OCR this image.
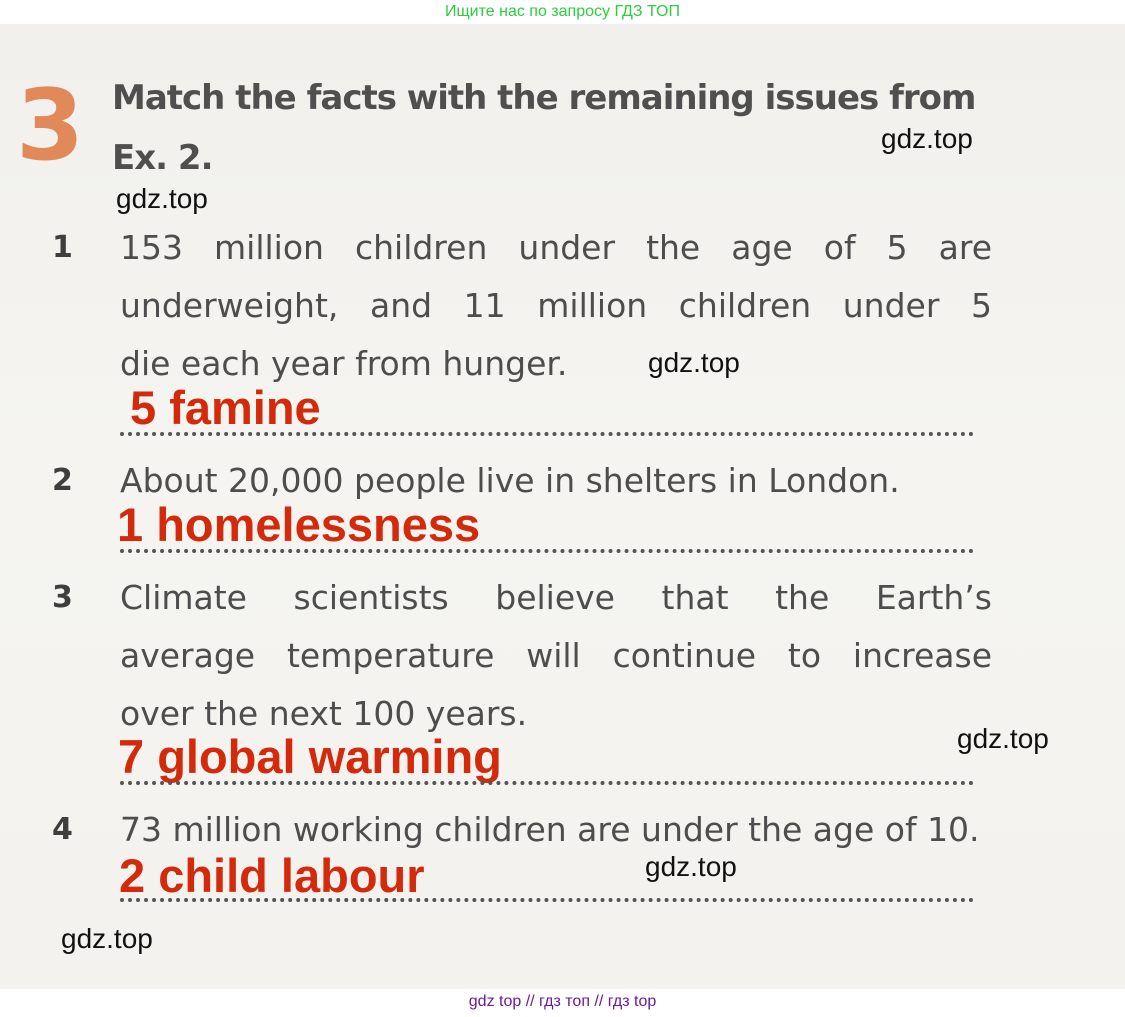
Ищите нас по запросу ГДЗ ТОП
3 Match the facts with the remaining issues from
Ex. 2.
1 153 million children under the age of 5 are
underweight, and 11 million children under 5
die each year from hunger.
5 famine
2 About 20,000 people live in shelters in London.
1 homelessness
3 Climate scientists believe that the Earth’s
average temperature will continue to increase
over the next 100 years.
7 global warming
4 73 million working children are under the age of 10.
2 child labour
gdz.top
gdz.top
gdz.top
gdz.top
gdz.top
gdz.top
gdz top // гдз топ // гдз top
